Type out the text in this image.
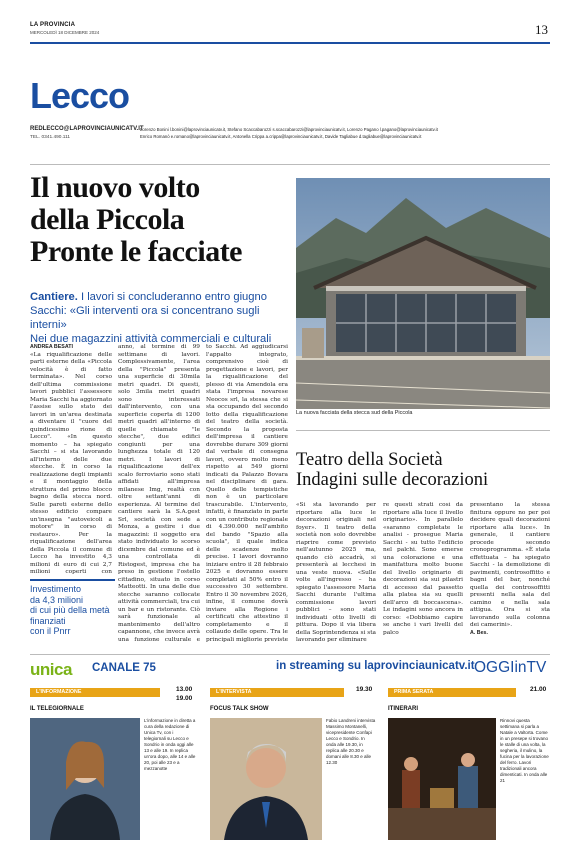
LA PROVINCIA
MERCOLEDÌ 18 DICEMBRE 2024	13
Lecco
REDLECCO@LAPROVINCIAUNICATV.IT
TEL. 0341.490.111
Lorenzo Bonini l.bonini@laprovinciaunicatv.it, Stefano Scaccabarozzi s.scaccabarozzi@laprovinciaunicatv.it, Lorenzo Pagano l.pagano@laprovinciaunicatv.it
Enrico Romanò e.romano@laprovinciaunicatv.it, Antonella Crippa a.crippa@laprovinciaunicatv.it, Davide Tagliabue d.tagliabue@laprovinciaunicatv.it
Il nuovo volto
della Piccola
Pronte le facciate
Cantiere. I lavori si concluderanno entro giugno
Sacchi: «Gli interventi ora si concentrano sugli interni»
Nei due magazzini attività commerciali e culturali
ANDREA BESATI
«La riqualificazione delle parti esterne della «Piccola velocità è di fatto terminata». Nel corso dell'ultima commissione lavori pubblici l'assessore Maria Sacchi ha aggiornato l'assise sullo stato dei lavori in un'area destinata a diventare il "cuore del quindicesimo rione di Lecco". «In questo momento – ha spiegato Sacchi – si sta lavorando all'interno delle due stecche. È in corso la realizzazione degli impianti e il montaggio della struttura del primo blocco bagno della stecca nord. Sulle pareti esterne dello stesso edificio compare un'insegna "autoveicoli a motore" in corso di restauro». Per la riqualificazione dell'area della Piccola il comune di Lecco ha investito 4,3 milioni di euro di cui 2,7 milioni coperti con
Investimento
da 4,3 milioni
di cui più della metà
finanziati
con il Pnrr
anno, al termine di 99 settimane di lavori. Complessivamente, l'area della "Piccola" presenta una superficie di 30mila metri quadri. Di questi, solo 3mila metri quadri sono interessati dall'intervento, con una superficie coperta di 1200 metri quadri all'interno di quelle chiamate "le stecche", due edifici congiunti per una lunghezza totale di 120 metri. I lavori di riqualificazione dell'ex scalo ferroviario sono stati affidati all'impresa milanese Img, realtà con oltre settant'anni di esperienza. Al termine del cantiere sarà la S.A.gest Srl, società con sede a Monza, a gestire i due magazzini: il soggetto era stato individuato lo scorso dicembre dal comune ed è una controllata di Ristogest, impresa che ha preso in gestione l'ostello cittadino, situato in corso Matteotti. In una delle due stecche saranno collocate attività commerciali, tra cui un bar e un ristorante. Ciò sarà funzionale al mantenimento dell'altro capannone, che invece avrà una funzione culturale e
to Sacchi. Ad aggiudicarsi l'appalto integrato, comprensivo cioè di progettazione e lavori, per la riqualificazione del plesso di via Amendola era stata l'impresa novarese Neocos srl, la stessa che si sta occupando del secondo lotto della riqualificazione del teatro della società. Secondo la proposta dell'impresa il cantiere dovrebbe durare 309 giorni dal verbale di consegna lavori, ovvero molto meno rispetto ai 549 giorni indicati da Palazzo Bovara nel disciplinare di gara. Quello delle tempistiche non è un particolare trascurabile. L'intervento, infatti, è finanziato in parte con un contributo regionale di 4.390.000 nell'ambito del bando "Spazio alla scuola", il quale indica delle scadenze molto precise. I lavori dovranno iniziare entro il 28 febbraio 2025 e dovranno essere completati al 50% entro il successivo 30 settembre. Entro il 30 novembre 2026, infine, il comune dovrà inviare alla Regione i certificati che attestino il completamento e il collaudo delle opere. Tra le principali migliorie previste
La nuova facciata della stecca sud della Piccola
Teatro della Società
Indagini sulle decorazioni
«Si sta lavorando per riportare alla luce le decorazioni originali nel foyer». Il teatro della società non solo dovrebbe riaprire come previsto nell'autunno 2025 ma, quando ciò accadrà, si presenterà ai lecchesi in una veste nuova. «Sulle volte all'ingresso – ha spiegato l'assessore Maria Sacchi durante l'ultima commissione lavori pubblici – sono stati individuati otto livelli di pittura. Dopo il via libera della Soprintendenza si sta lavorando per eliminare
re questi strati così da riportare alla luce il livello originario». In parallelo «saranno completate le analisi - prosegue Maria Sacchi - su tutto l'edificio nel palchi. Sono emerse una colorazione e una manifattura molto buone del livello originario di decorazioni sia sui pilastri di accesso dal passetto alla platea sia su quelli dell'arco di boccascena». Le indagini sono ancora in corso: «Dobbiamo capire se anche i vari livelli del palco
presentano la stessa finitura oppure no per poi decidere quali decorazioni riportare alla luce». In generale, il cantiere procede secondo cronoprogramma. «È stata effettuata – ha spiegato Sacchi - la demolizione di pavimenti, controsoffitto e bagni del bar, nonché quella dei controsoffitti presenti nella sala del camino e nella sala attigua. Ora si sta lavorando sulla colonna dei camerini».
A. Bes.
unica CANALE 75	in streaming su laprovinciaunicatv.it OGGIinTV
L'INFORMAZIONE	13.00
19.00
IL TELEGIORNALE
L'informazione in diretta a cura della redazione di Unica Tv, con i telegiornali su Lecco e Sondrio in onda oggi alle 13 e alle 19. In replica un'ora dopo, alle 14 e alle 20, poi alle 23 e a mezzanotte
L'INTERVISTA	19.30
FOCUS TALK SHOW
Fabio Landreni intervista Massimo Montanelli, vicepresidente Confapi Lecco e Sondrio. In onda alle 19.30, in replica alle 20.30 e domani alle 8.30 e alle 12.30
PRIMA SERATA	21.00
ITINERARI
Rinnovi questa settimana si parla a Natale a Valtorta. Come in un presepe si trovano le stalle di una volta, la segheria, il mulino, la fucina per la lavorazione del ferro. Lavori tradizionali ancora dimenticati. In onda alle 21
